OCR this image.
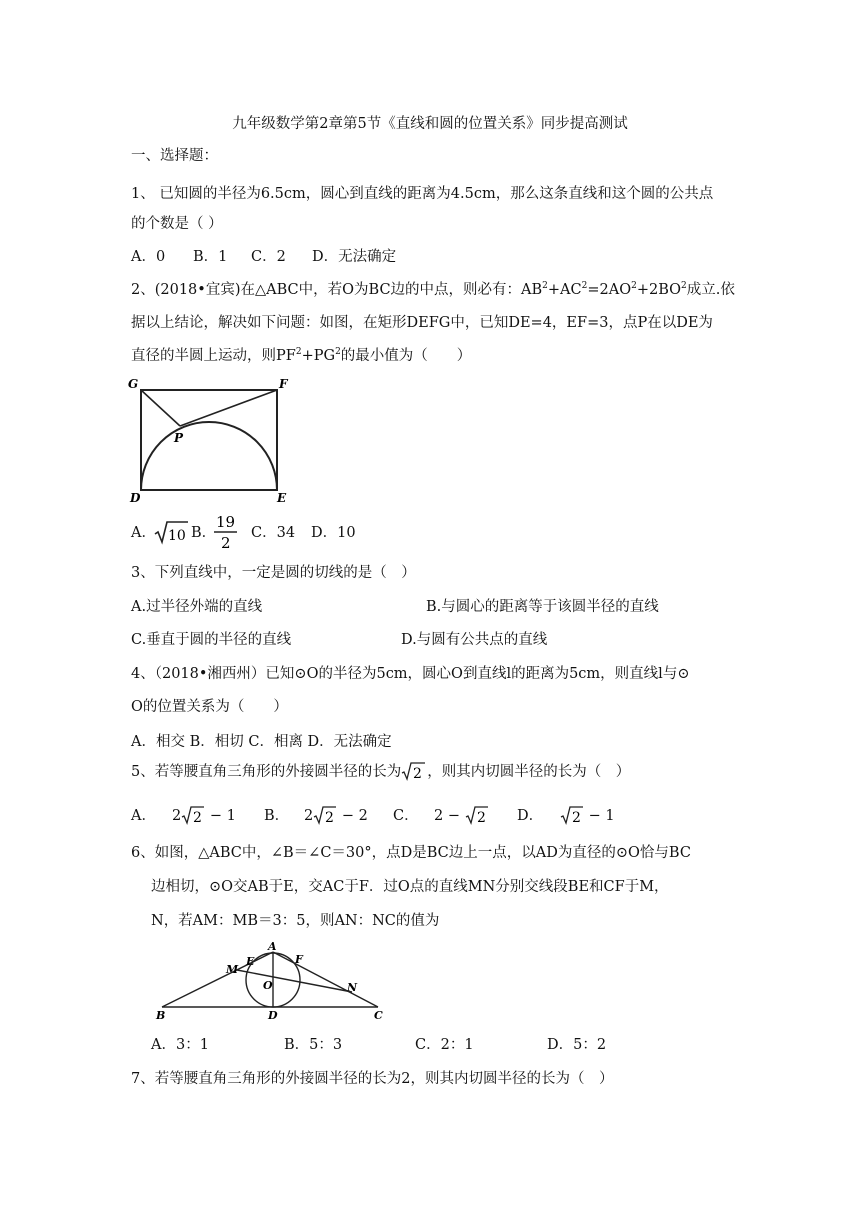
九年级数学第2章第5节《直线和圆的位置关系》同步提高测试
一、选择题：
1、 已知圆的半径为6.5cm，圆心到直线的距离为4.5cm，那么这条直线和这个圆的公共点
的个数是（ ）
A．0 B．1 C．2 D．无法确定
2、(2018•宜宾)在△ABC中，若O为BC边的中点，则必有：$AB^2+AC^2=2AO^2+2BO^2$成立.依
据以上结论，解决如下问题：如图，在矩形DEFG中，已知DE=4，EF=3，点P在以DE为
直径的半圆上运动，则$PF^2+PG^2$的最小值为（　　）
G	F
P
D	E
A． 10 B．
19
2
C．34 D．10
3、下列直线中，一定是圆的切线的是（　）
A.过半径外端的直线	B.与圆心的距离等于该圆半径的直线
C.垂直于圆的半径的直线	D.与圆有公共点的直线
4、（2018•湘西州）已知⊙O的半径为5cm，圆心O到直线l的距离为5cm，则直线l与⊙
O的位置关系为（　　）
A．相交 B．相切 C．相离 D．无法确定
5、若等腰直角三角形的外接圆半径的长为 2 ，则其内切圆半径的长为（　）
A． 2 2 − 1 B． 2 2 − 2 C． 2 − 2 D． 2 − 1
6、如图，△ABC中，∠B＝∠C＝30°，点D是BC边上一点，以AD为直径的⊙O恰与BC
边相切，⊙O交AB于E，交AC于F．过O点的直线MN分别交线段BE和CF于M，
N，若AM：MB＝3：5，则AN：NC的值为
A
E	F
M
O	N
B	D	C
A．3：1	B．5：3	C．2：1	D．5：2
7、若等腰直角三角形的外接圆半径的长为2，则其内切圆半径的长为（　）
